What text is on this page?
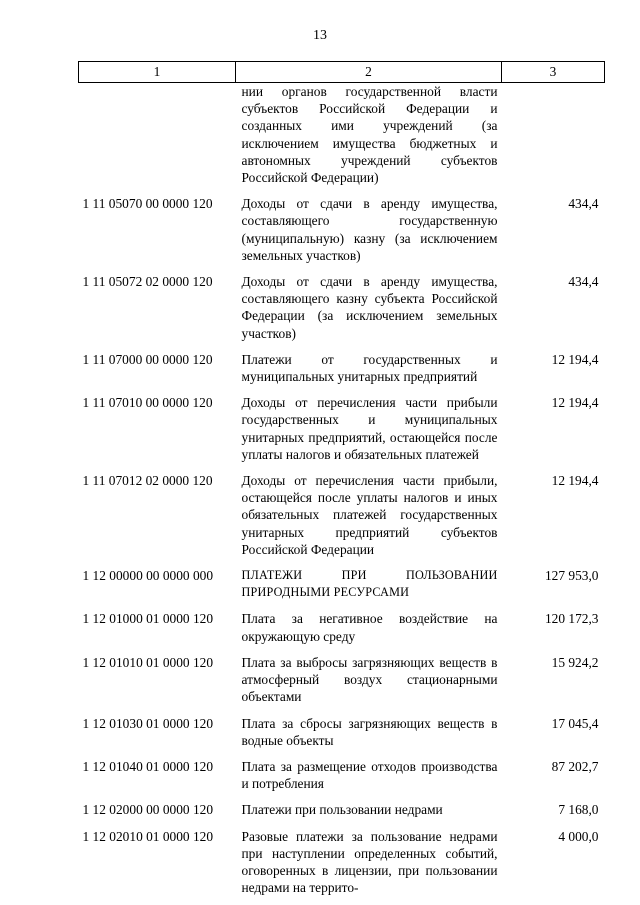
13
1	2	3
	нии органов государственной власти субъектов Российской Федерации и созданных ими учреждений (за исключением имущества бюджетных и автономных учреждений субъектов Российской Федерации)	
1 11 05070 00 0000 120	Доходы от сдачи в аренду имущества, составляющего государственную (муниципальную) казну (за исключением земельных участков)	434,4
1 11 05072 02 0000 120	Доходы от сдачи в аренду имущества, составляющего казну субъекта Российской Федерации (за исключением земельных участков)	434,4
1 11 07000 00 0000 120	Платежи от государственных и муниципальных унитарных предприятий	12 194,4
1 11 07010 00 0000 120	Доходы от перечисления части прибыли государственных и муниципальных унитарных предприятий, остающейся после уплаты налогов и обязательных платежей	12 194,4
1 11 07012 02 0000 120	Доходы от перечисления части прибыли, остающейся после уплаты налогов и иных обязательных платежей государственных унитарных предприятий субъектов Российской Федерации	12 194,4
1 12 00000 00 0000 000	ПЛАТЕЖИ ПРИ ПОЛЬЗОВАНИИ ПРИРОДНЫМИ РЕСУРСАМИ	127 953,0
1 12 01000 01 0000 120	Плата за негативное воздействие на окружающую среду	120 172,3
1 12 01010 01 0000 120	Плата за выбросы загрязняющих веществ в атмосферный воздух стационарными объектами	15 924,2
1 12 01030 01 0000 120	Плата за сбросы загрязняющих веществ в водные объекты	17 045,4
1 12 01040 01 0000 120	Плата за размещение отходов производства и потребления	87 202,7
1 12 02000 00 0000 120	Платежи при пользовании недрами	7 168,0
1 12 02010 01 0000 120	Разовые платежи за пользование недрами при наступлении определенных событий, оговоренных в лицензии, при пользовании недрами на террито-	4 000,0
